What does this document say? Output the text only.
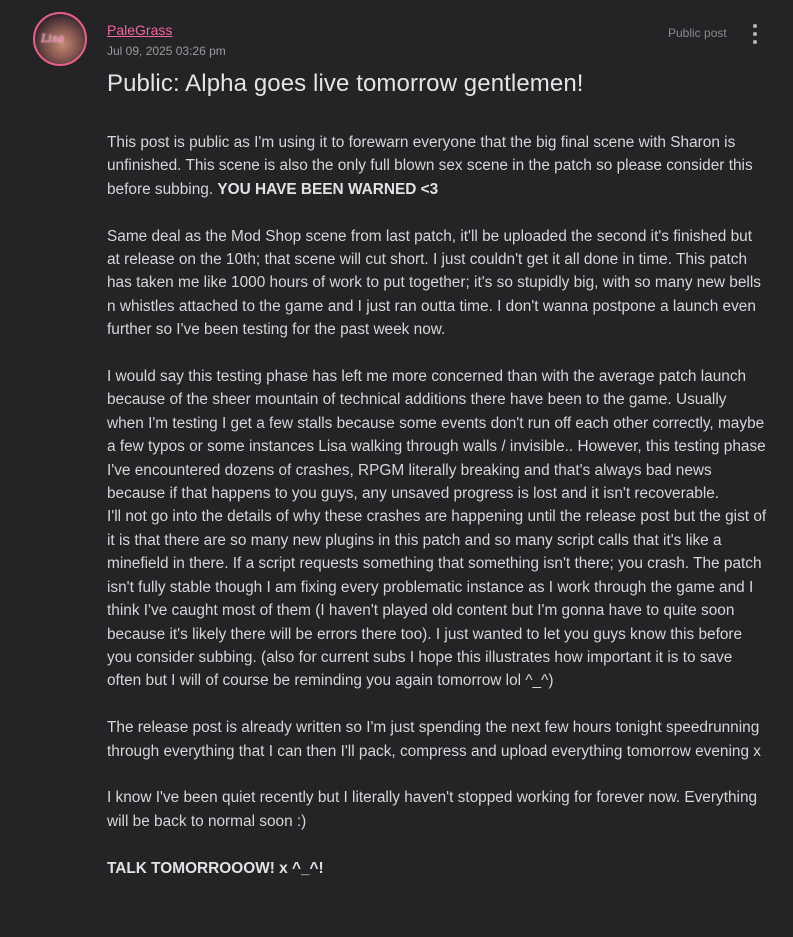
Lisa
PaleGrass
Jul 09, 2025 03:26 pm
Public post
Public: Alpha goes live tomorrow gentlemen!

This post is public as I'm using it to forewarn everyone that the big final scene with Sharon is unfinished. This scene is also the only full blown sex scene in the patch so please consider this before subbing. YOU HAVE BEEN WARNED <3

Same deal as the Mod Shop scene from last patch, it'll be uploaded the second it's finished but at release on the 10th; that scene will cut short. I just couldn't get it all done in time. This patch has taken me like 1000 hours of work to put together; it's so stupidly big, with so many new bells n whistles attached to the game and I just ran outta time. I don't wanna postpone a launch even further so I've been testing for the past week now.

I would say this testing phase has left me more concerned than with the average patch launch because of the sheer mountain of technical additions there have been to the game. Usually when I'm testing I get a few stalls because some events don't run off each other correctly, maybe a few typos or some instances Lisa walking through walls / invisible.. However, this testing phase I've encountered dozens of crashes, RPGM literally breaking and that's always bad news because if that happens to you guys, any unsaved progress is lost and it isn't recoverable.

I'll not go into the details of why these crashes are happening until the release post but the gist of it is that there are so many new plugins in this patch and so many script calls that it's like a minefield in there. If a script requests something that something isn't there; you crash. The patch isn't fully stable though I am fixing every problematic instance as I work through the game and I think I've caught most of them (I haven't played old content but I'm gonna have to quite soon because it's likely there will be errors there too). I just wanted to let you guys know this before you consider subbing. (also for current subs I hope this illustrates how important it is to save often but I will of course be reminding you again tomorrow lol ^_^)

The release post is already written so I'm just spending the next few hours tonight speedrunning through everything that I can then I'll pack, compress and upload everything tomorrow evening x

I know I've been quiet recently but I literally haven't stopped working for forever now. Everything will be back to normal soon :)

TALK TOMORROOOW! x ^_^!
